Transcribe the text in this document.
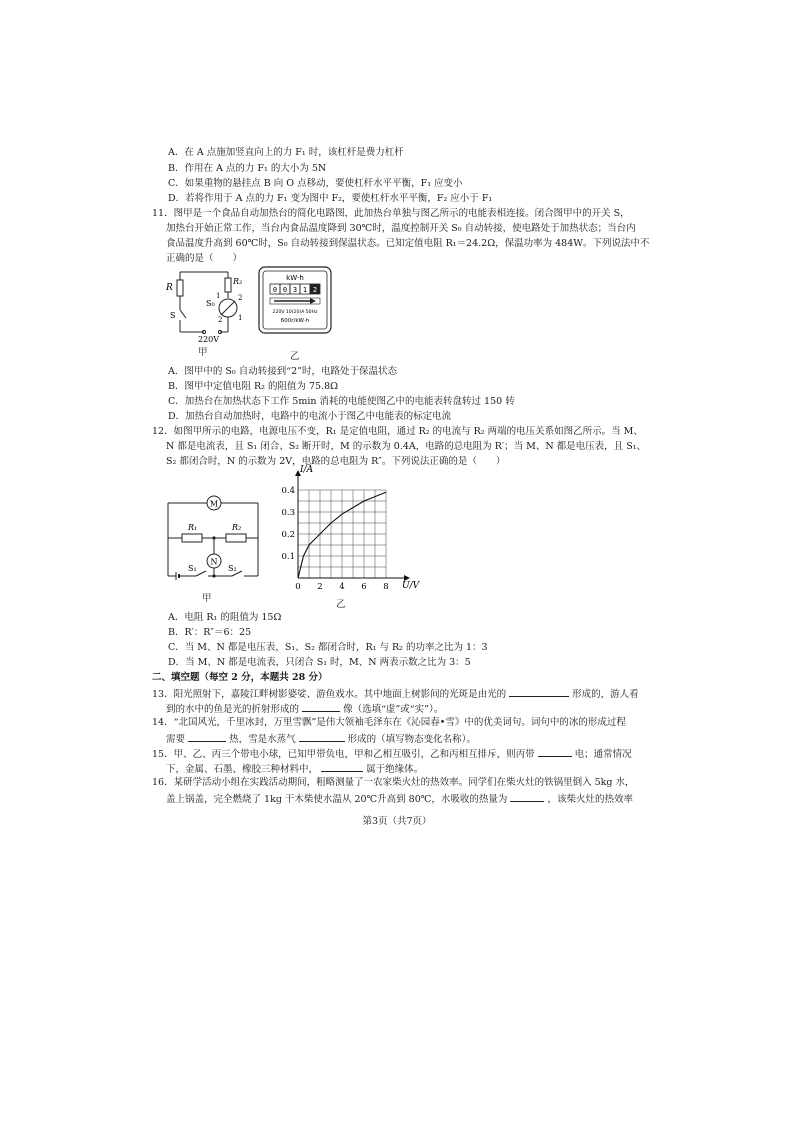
A．在 A 点施加竖直向上的力 F₁ 时，该杠杆是费力杠杆
B．作用在 A 点的力 F₁ 的大小为 5N
C．如果重物的悬挂点 B 向 O 点移动，要使杠杆水平平衡，F₁ 应变小
D．若将作用于 A 点的力 F₁ 变为图中 F₂，要使杠杆水平平衡，F₂ 应小于 F₁
11．图甲是一个食品自动加热台的简化电路图，此加热台单独与图乙所示的电能表相连接。闭合图甲中的开关 S，
加热台开始正常工作，当台内食品温度降到 30℃时，温度控制开关 S₀ 自动转接，使电路处于加热状态；当台内
食品温度升高到 60℃时，S₀ 自动转接到保温状态。已知定值电阻 R₁＝24.2Ω，保温功率为 484W。下列说法中不
正确的是（　　）
R
R₂
S₀
S
1	2
2 1
220V
甲
kW·h
0 0 3 1 2
220V 10(20)A 50Hz
600r/kW·h
乙
A．图甲中的 S₀ 自动转接到“2”时，电路处于保温状态
B．图甲中定值电阻 R₂ 的阻值为 75.8Ω
C．加热台在加热状态下工作 5min 消耗的电能使图乙中的电能表转盘转过 150 转
D．加热台自动加热时，电路中的电流小于图乙中电能表的标定电流
12．如图甲所示的电路，电源电压不变，R₁ 是定值电阻，通过 R₂ 的电流与 R₂ 两端的电压关系如图乙所示。当 M、
N 都是电流表，且 S₁ 闭合、S₂ 断开时，M 的示数为 0.4A，电路的总电阻为 R′；当 M、N 都是电压表，且 S₁、
S₂ 都闭合时，N 的示数为 2V，电路的总电阻为 R″。下列说法正确的是（　　）
M
N
R₁	R₂
S₁	S₂
甲
0 2 4 6 8
0.1
0.2
0.3
0.4
I/A
U/V
乙
A．电阻 R₁ 的阻值为 15Ω
B．R′：R″＝6：25
C．当 M、N 都是电压表，S₁、S₂ 都闭合时，R₁ 与 R₂ 的功率之比为 1：3
D．当 M、N 都是电流表，只闭合 S₁ 时，M、N 两表示数之比为 3：5
二、填空题（每空 2 分，本题共 28 分）
13．阳光照射下，嘉陵江畔树影婆娑、游鱼戏水。其中地面上树影间的光斑是由光的	形成的，游人看
到的水中的鱼是光的折射形成的	像（选填“虚”或“实”）。
14．“北国风光，千里冰封，万里雪飘”是伟大领袖毛泽东在《沁园春•雪》中的优美词句。词句中的冰的形成过程
需要	热，雪是水蒸气	形成的（填写物态变化名称）。
15．甲、乙、丙三个带电小球，已知甲带负电，甲和乙相互吸引，乙和丙相互排斥，则丙带	电；通常情况
下，金属、石墨、橡胶三种材料中，	属于绝缘体。
16．某研学活动小组在实践活动期间，粗略测量了一农家柴火灶的热效率。同学们在柴火灶的铁锅里倒入 5kg 水，
盖上锅盖，完全燃烧了 1kg 干木柴使水温从 20℃升高到 80℃，水吸收的热量为	，该柴火灶的热效率
第3页（共7页）
